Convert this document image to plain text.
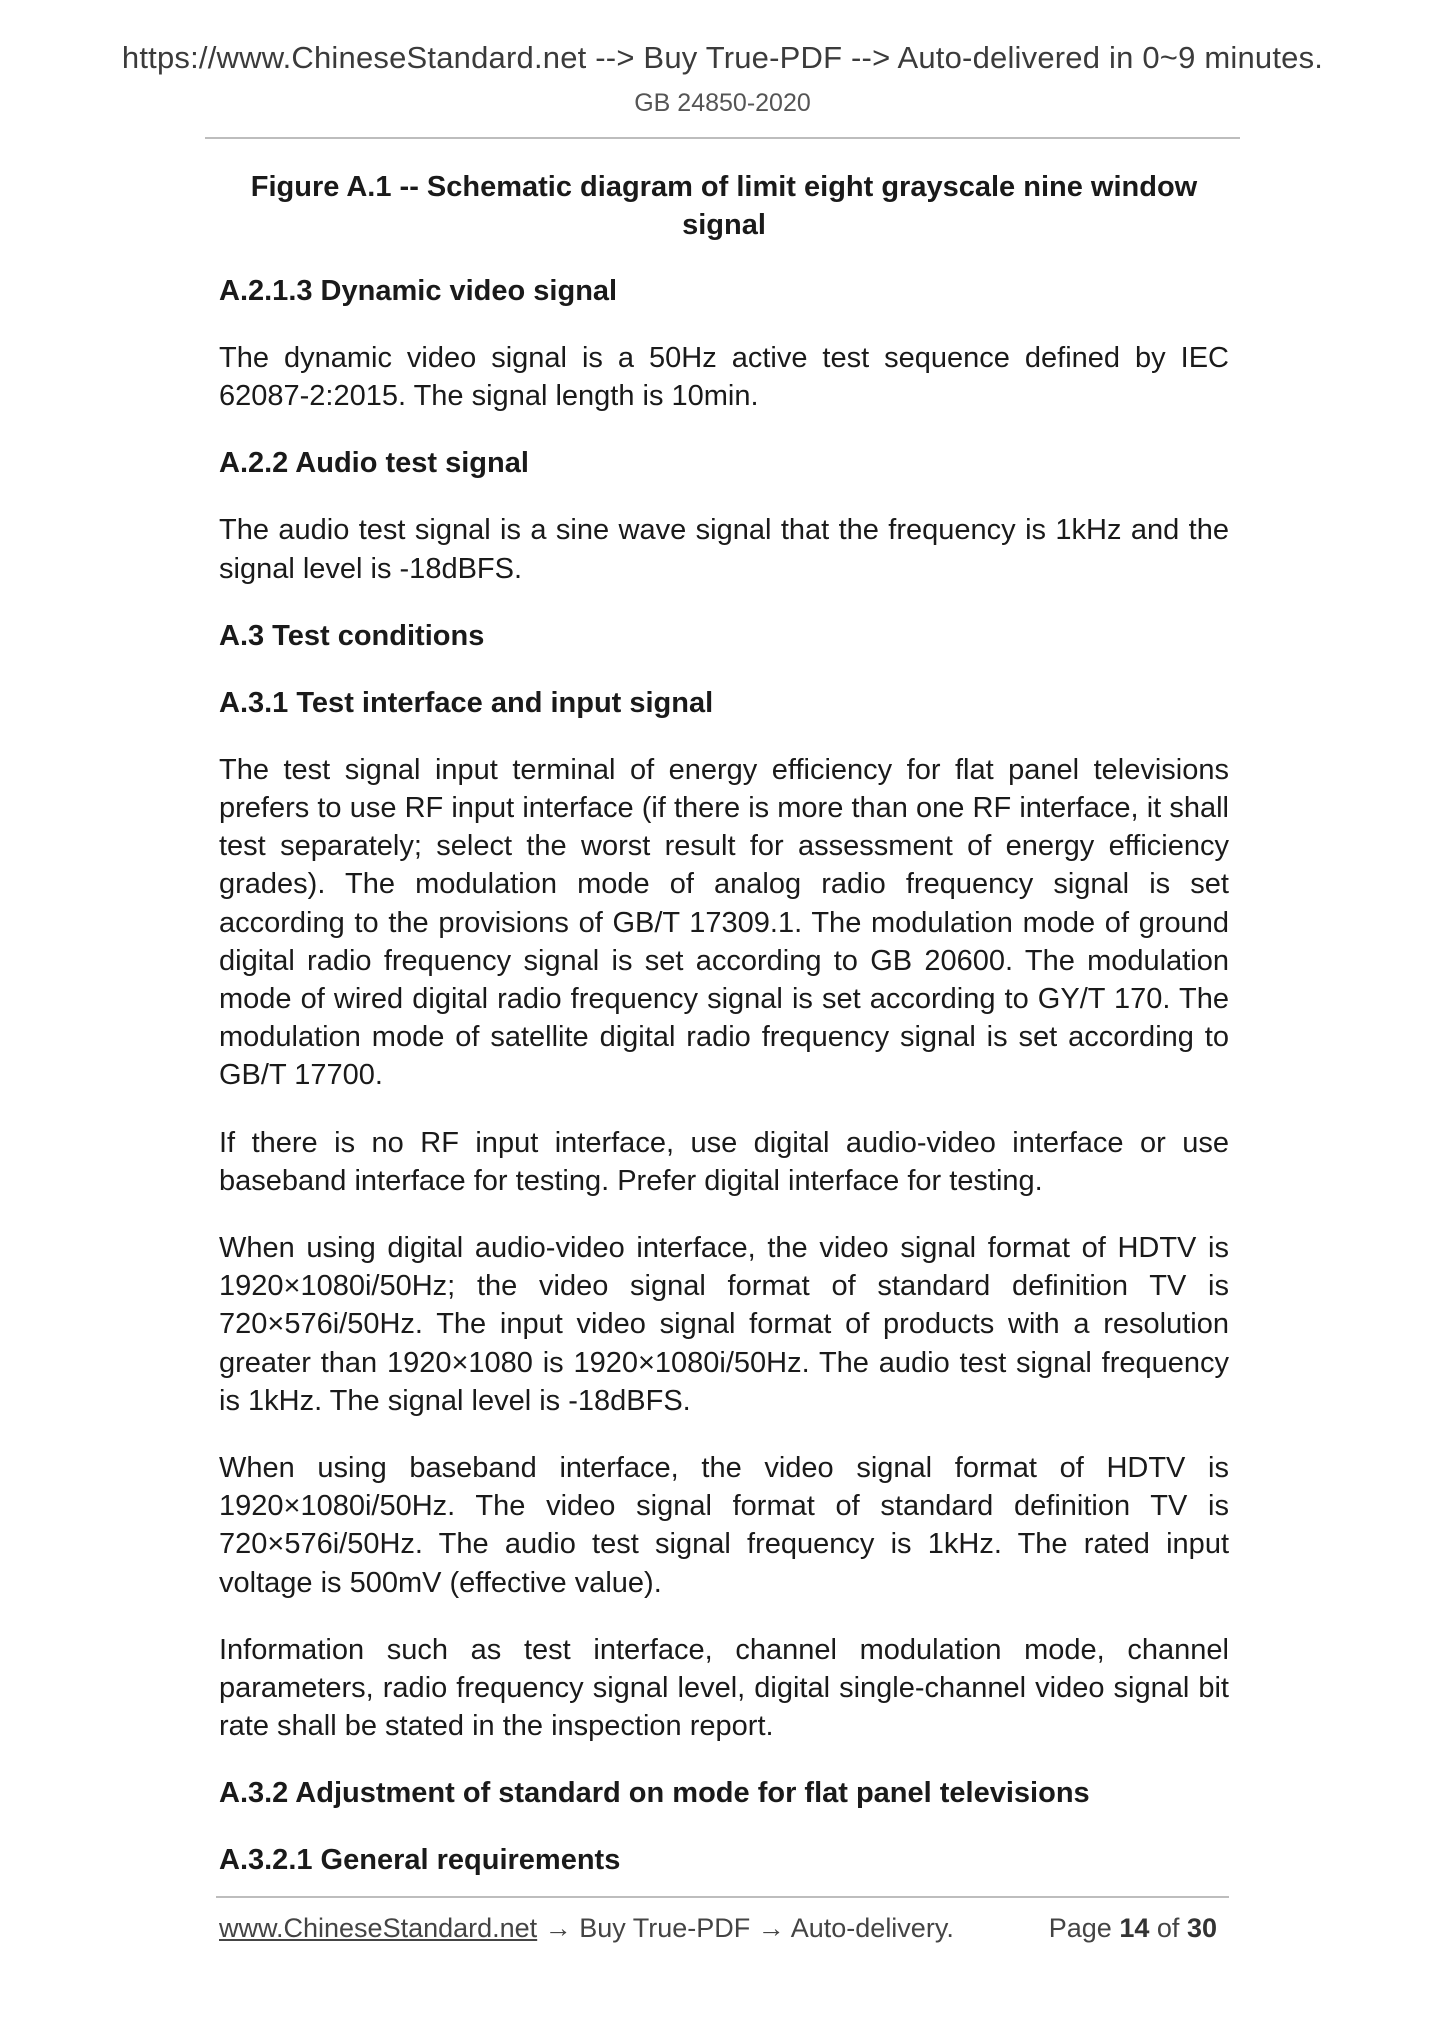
https://www.ChineseStandard.net --> Buy True-PDF --> Auto-delivered in 0~9 minutes.
GB 24850-2020
Figure A.1 -- Schematic diagram of limit eight grayscale nine window signal
A.2.1.3 Dynamic video signal

The dynamic video signal is a 50Hz active test sequence defined by IEC 62087-2:2015. The signal length is 10min.

A.2.2 Audio test signal

The audio test signal is a sine wave signal that the frequency is 1kHz and the signal level is -18dBFS.

A.3 Test conditions
A.3.1 Test interface and input signal

The test signal input terminal of energy efficiency for flat panel televisions prefers to use RF input interface (if there is more than one RF interface, it shall test separately; select the worst result for assessment of energy efficiency grades). The modulation mode of analog radio frequency signal is set according to the provisions of GB/T 17309.1. The modulation mode of ground digital radio frequency signal is set according to GB 20600. The modulation mode of wired digital radio frequency signal is set according to GY/T 170. The modulation mode of satellite digital radio frequency signal is set according to GB/T 17700.

If there is no RF input interface, use digital audio-video interface or use baseband interface for testing. Prefer digital interface for testing.

When using digital audio-video interface, the video signal format of HDTV is 1920×1080i/50Hz; the video signal format of standard definition TV is 720×576i/50Hz. The input video signal format of products with a resolution greater than 1920×1080 is 1920×1080i/50Hz. The audio test signal frequency is 1kHz. The signal level is -18dBFS.

When using baseband interface, the video signal format of HDTV is 1920×1080i/50Hz. The video signal format of standard definition TV is 720×576i/50Hz. The audio test signal frequency is 1kHz. The rated input voltage is 500mV (effective value).

Information such as test interface, channel modulation mode, channel parameters, radio frequency signal level, digital single-channel video signal bit rate shall be stated in the inspection report.

A.3.2 Adjustment of standard on mode for flat panel televisions
A.3.2.1 General requirements
www.ChineseStandard.net → Buy True-PDF → Auto-delivery.	Page 14 of 30
